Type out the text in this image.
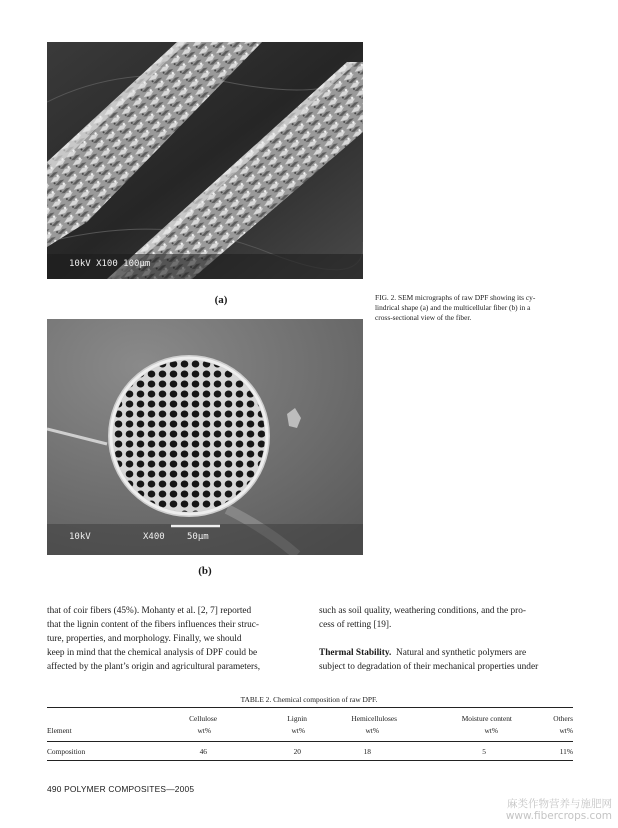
10kV X100 100µm
(a)	FIG. 2. SEM micrographs of raw DPF showing its cy-
lindrical shape (a) and the multicellular fiber (b) in a
cross-sectional view of the fiber.
10kV	X400 50µm
(b)
that of coir fibers (45%). Mohanty et al. [2, 7] reported
that the lignin content of the fibers influences their struc-
ture, properties, and morphology. Finally, we should
keep in mind that the chemical analysis of DPF could be
affected by the plant’s origin and agricultural parameters,
such as soil quality, weathering conditions, and the pro-
cess of retting [19].
Thermal Stability. Natural and synthetic polymers are
subject to degradation of their mechanical properties under
TABLE 2. Chemical composition of raw DPF.
	Cellulose	Lignin	Hemicelluloses	Moisture content	Others
Element	wt%	wt%	wt%	wt%	wt%
Composition	46	20	18	5	11%
490 POLYMER COMPOSITES—2005
麻类作物营养与施肥网
www.fibercrops.com
